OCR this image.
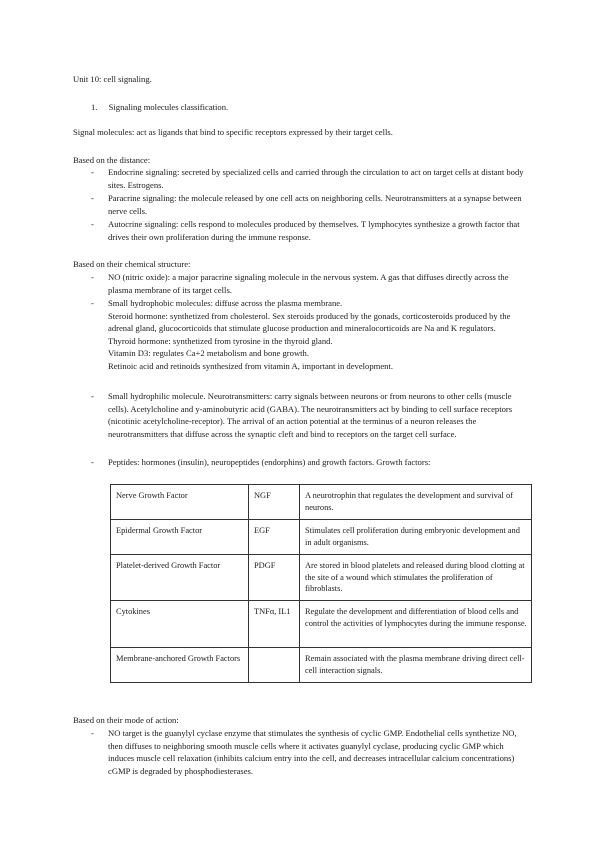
Unit 10: cell signaling.
1. Signaling molecules classification.
Signal molecules: act as ligands that bind to specific receptors expressed by their target cells.
Based on the distance:
- Endocrine signaling: secreted by specialized cells and carried through the circulation to act on target cells at distant body sites. Estrogens.
- Paracrine signaling: the molecule released by one cell acts on neighboring cells. Neurotransmitters at a synapse between nerve cells.
- Autocrine signaling: cells respond to molecules produced by themselves. T lymphocytes synthesize a growth factor that drives their own proliferation during the immune response.
Based on their chemical structure:
- NO (nitric oxide): a major paracrine signaling molecule in the nervous system. A gas that diffuses directly across the plasma membrane of its target cells.
- Small hydrophobic molecules: diffuse across the plasma membrane.
Steroid hormone: synthetized from cholesterol. Sex steroids produced by the gonads, corticosteroids produced by the adrenal gland, glucocorticoids that stimulate glucose production and mineralocorticoids are Na and K regulators.
Thyroid hormone: synthetized from tyrosine in the thyroid gland.
Vitamin D3: regulates Ca+2 metabolism and bone growth.
Retinoic acid and retinoids synthesized from vitamin A, important in development.
- Small hydrophilic molecule. Neurotransmitters: carry signals between neurons or from neurons to other cells (muscle cells). Acetylcholine and y-aminobutyric acid (GABA). The neurotransmitters act by binding to cell surface receptors (nicotinic acetylcholine-receptor). The arrival of an action potential at the terminus of a neuron releases the neurotransmitters that diffuse across the synaptic cleft and bind to receptors on the target cell surface.
- Peptides: hormones (insulin), neuropeptides (endorphins) and growth factors. Growth factors:
Nerve Growth Factor	NGF	A neurotrophin that regulates the development and survival of neurons.
Epidermal Growth Factor	EGF	Stimulates cell proliferation during embryonic development and in adult organisms.
Platelet-derived Growth Factor	PDGF	Are stored in blood platelets and released during blood clotting at the site of a wound which stimulates the proliferation of fibroblasts.
Cytokines	TNFα, IL1	Regulate the development and differentiation of blood cells and control the activities of lymphocytes during the immune response.
Membrane-anchored Growth Factors		Remain associated with the plasma membrane driving direct cell-cell interaction signals.
Based on their mode of action:
- NO target is the guanylyl cyclase enzyme that stimulates the synthesis of cyclic GMP. Endothelial cells synthetize NO, then diffuses to neighboring smooth muscle cells where it activates guanylyl cyclase, producing cyclic GMP which induces muscle cell relaxation (inhibits calcium entry into the cell, and decreases intracellular calcium concentrations) cGMP is degraded by phosphodiesterases.
